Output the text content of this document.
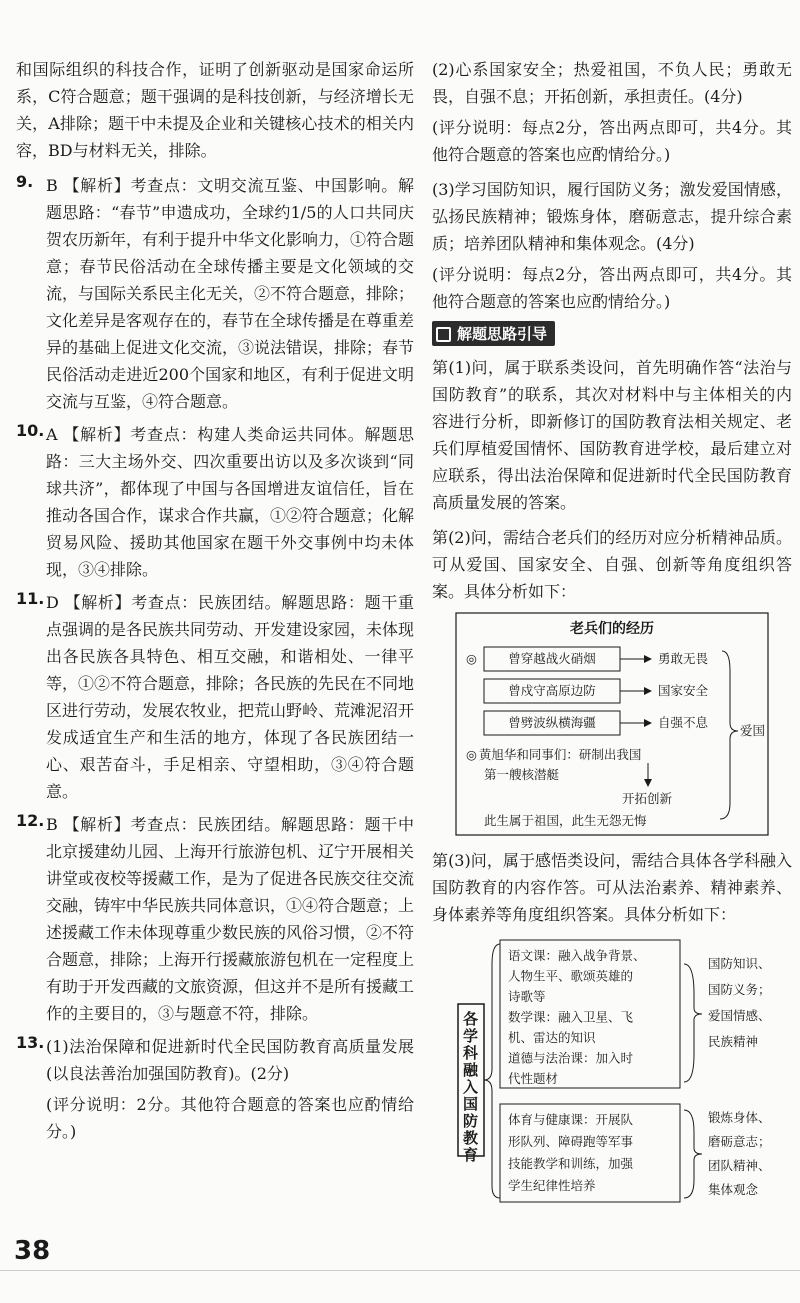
和国际组织的科技合作，证明了创新驱动是国家命运所系，C符合题意；题干强调的是科技创新，与经济增长无关，A排除；题干中未提及企业和关键核心技术的相关内容，BD与材料无关，排除。

9. B 【解析】考查点：文明交流互鉴、中国影响。解题思路：“春节”申遗成功，全球约1/5的人口共同庆贺农历新年，有利于提升中华文化影响力，①符合题意；春节民俗活动在全球传播主要是文化领域的交流，与国际关系民主化无关，②不符合题意，排除；文化差异是客观存在的，春节在全球传播是在尊重差异的基础上促进文化交流，③说法错误，排除；春节民俗活动走进近200个国家和地区，有利于促进文明交流与互鉴，④符合题意。

10. A 【解析】考查点：构建人类命运共同体。解题思路：三大主场外交、四次重要出访以及多次谈到“同球共济”，都体现了中国与各国增进友谊信任，旨在推动各国合作，谋求合作共赢，①②符合题意；化解贸易风险、援助其他国家在题干外交事例中均未体现，③④排除。

11. D 【解析】考查点：民族团结。解题思路：题干重点强调的是各民族共同劳动、开发建设家园，未体现出各民族各具特色、相互交融，和谐相处、一律平等，①②不符合题意，排除；各民族的先民在不同地区进行劳动，发展农牧业，把荒山野岭、荒滩泥沼开发成适宜生产和生活的地方，体现了各民族团结一心、艰苦奋斗，手足相亲、守望相助，③④符合题意。

12. B 【解析】考查点：民族团结。解题思路：题干中北京援建幼儿园、上海开行旅游包机、辽宁开展相关讲堂或夜校等援藏工作，是为了促进各民族交往交流交融，铸牢中华民族共同体意识，①④符合题意；上述援藏工作未体现尊重少数民族的风俗习惯，②不符合题意，排除；上海开行援藏旅游包机在一定程度上有助于开发西藏的文旅资源，但这并不是所有援藏工作的主要目的，③与题意不符，排除。

13. (1)法治保障和促进新时代全民国防教育高质量发展(以良法善治加强国防教育)。(2分)

(评分说明：2分。其他符合题意的答案也应酌情给分。)

(2)心系国家安全；热爱祖国，不负人民；勇敢无畏，自强不息；开拓创新，承担责任。(4分)

(评分说明：每点2分，答出两点即可，共4分。其他符合题意的答案也应酌情给分。)

(3)学习国防知识，履行国防义务；激发爱国情感，弘扬民族精神；锻炼身体，磨砺意志，提升综合素质；培养团队精神和集体观念。(4分)

(评分说明：每点2分，答出两点即可，共4分。其他符合题意的答案也应酌情给分。)

解题思路引导

第(1)问，属于联系类设问，首先明确作答“法治与国防教育”的联系，其次对材料中与主体相关的内容进行分析，即新修订的国防教育法相关规定、老兵们厚植爱国情怀、国防教育进学校，最后建立对应联系，得出法治保障和促进新时代全民国防教育高质量发展的答案。

第(2)问，需结合老兵们的经历对应分析精神品质。可从爱国、国家安全、自强、创新等角度组织答案。具体分析如下：

老兵们的经历
◎	曾穿越战火硝烟	勇敢无畏
曾戍守高原边防	国家安全
曾劈波纵横海疆	自强不息
爱国
◎ 黄旭华和同事们：研制出我国
第一艘核潜艇
开拓创新
此生属于祖国，此生无怨无悔

第(3)问，属于感悟类设问，需结合具体各学科融入国防教育的内容作答。可从法治素养、精神素养、身体素养等角度组织答案。具体分析如下：

各学科融入国防教育
语文课：融入战争背景、人物生平、歌颂英雄的诗歌等数学课：融入卫星、飞机、雷达的知识道德与法治课：加入时代性题材
国防知识、国防义务；爱国情感、民族精神
体育与健康课：开展队形队列、障碍跑等军事技能教学和训练，加强学生纪律性培养
锻炼身体、磨砺意志；团队精神、集体观念
38
